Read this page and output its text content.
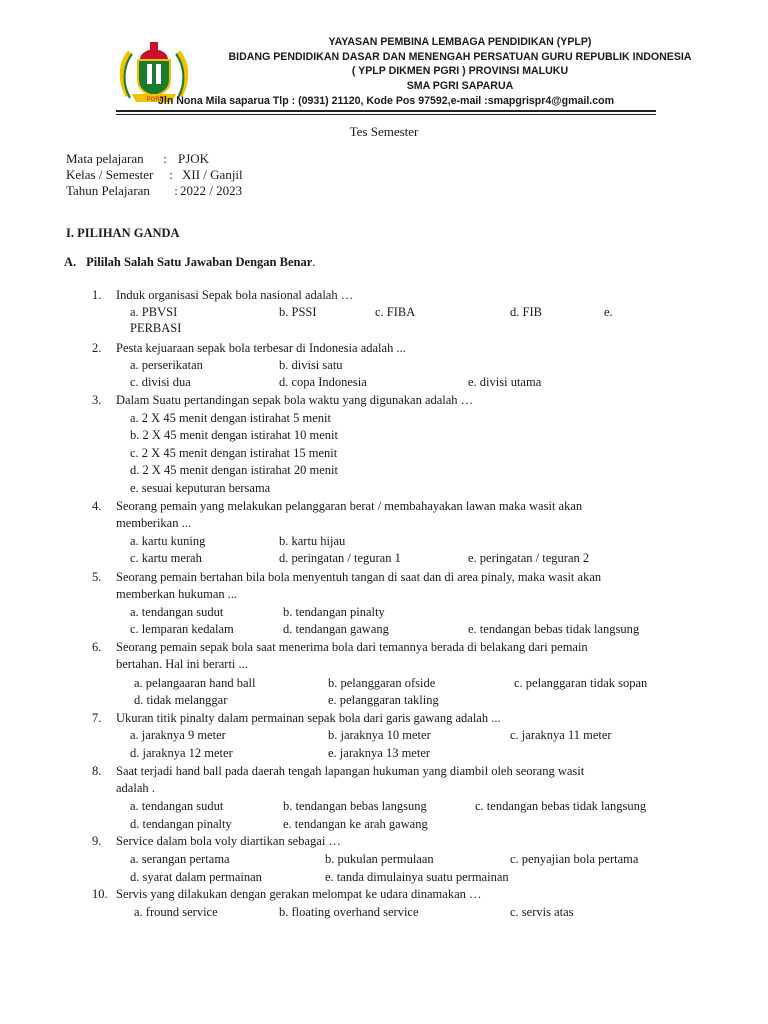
PGRI
YAYASAN PEMBINA LEMBAGA PENDIDIKAN (YPLP)
BIDANG PENDIDIKAN DASAR DAN MENENGAH PERSATUAN GURU REPUBLIK INDONESIA
( YPLP DIKMEN PGRI ) PROVINSI MALUKU
SMA PGRI SAPARUA
Jln Nona Mila saparua Tlp : (0931) 21120, Kode Pos 97592,e-mail :smapgrispr4@gmail.com
Tes Semester
Mata pelajaran : PJOK
Kelas / Semester : XII / Ganjil
Tahun Pelajaran : 2022 / 2023
I. PILIHAN GANDA
A. Pililah Salah Satu Jawaban Dengan Benar.
1. Induk organisasi Sepak bola nasional adalah …
a. PBVSI	b. PSSI	c. FIBA	d. FIB	e.
PERBASI
2. Pesta kejuaraan sepak bola terbesar di Indonesia adalah ...
a. perserikatan	b. divisi satu
c. divisi dua	d. copa Indonesia	e. divisi utama
3. Dalam Suatu pertandingan sepak bola waktu yang digunakan adalah …
a. 2 X 45 menit dengan istirahat 5 menit
b. 2 X 45 menit dengan istirahat 10 menit
c. 2 X 45 menit dengan istirahat 15 menit
d. 2 X 45 menit dengan istirahat 20 menit
e. sesuai keputuran bersama
4. Seorang pemain yang melakukan pelanggaran berat / membahayakan lawan maka wasit akan
memberikan ...
a. kartu kuning	b. kartu hijau
c. kartu merah	d. peringatan / teguran 1	e. peringatan / teguran 2
5. Seorang pemain bertahan bila bola menyentuh tangan di saat dan di area pinaly, maka wasit akan
memberkan hukuman ...
a. tendangan sudut	b. tendangan pinalty
c. lemparan kedalam	d. tendangan gawang	e. tendangan bebas tidak langsung
6. Seorang pemain sepak bola saat menerima bola dari temannya berada di belakang dari pemain
bertahan. Hal ini berarti ...
a. pelangaaran hand ball	b. pelanggaran ofside	c. pelanggaran tidak sopan
d. tidak melanggar	e. pelanggaran takling
7. Ukuran titik pinalty dalam permainan sepak bola dari garis gawang adalah ...
a. jaraknya 9 meter	b. jaraknya 10 meter	c. jaraknya 11 meter
d. jaraknya 12 meter	e. jaraknya 13 meter
8. Saat terjadi hand ball pada daerah tengah lapangan hukuman yang diambil oleh seorang wasit
adalah .
a. tendangan sudut	b. tendangan bebas langsung	c. tendangan bebas tidak langsung
d. tendangan pinalty	e. tendangan ke arah gawang
9. Service dalam bola voly diartikan sebagai …
a. serangan pertama	b. pukulan permulaan	c. penyajian bola pertama
d. syarat dalam permainan	e. tanda dimulainya suatu permainan
10. Servis yang dilakukan dengan gerakan melompat ke udara dinamakan …
a. fround service	b. floating overhand service	c. servis atas
